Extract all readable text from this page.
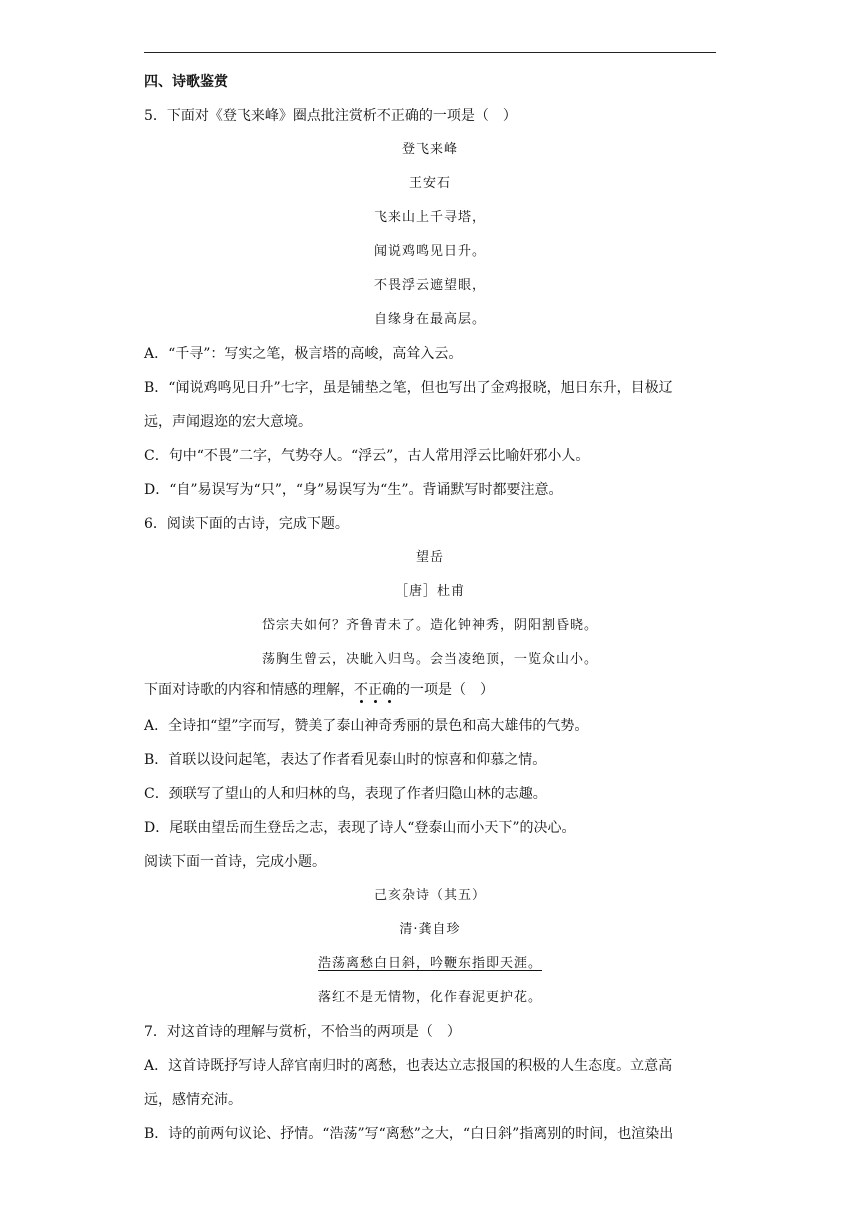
四、诗歌鉴赏
5．下面对《登飞来峰》圈点批注赏析不正确的一项是（　）
登飞来峰
王安石
飞来山上千寻塔，
闻说鸡鸣见日升。
不畏浮云遮望眼，
自缘身在最高层。
A．“千寻”：写实之笔，极言塔的高峻，高耸入云。
B．“闻说鸡鸣见日升”七字，虽是铺垫之笔，但也写出了金鸡报晓，旭日东升，目极辽
远，声闻遐迩的宏大意境。
C．句中“不畏”二字，气势夺人。“浮云”，古人常用浮云比喻奸邪小人。
D．“自”易误写为“只”，“身”易误写为“生”。背诵默写时都要注意。
6．阅读下面的古诗，完成下题。
望岳
［唐］杜甫
岱宗夫如何？齐鲁青未了。造化钟神秀，阴阳割昏晓。
荡胸生曾云，决眦入归鸟。会当凌绝顶，一览众山小。
下面对诗歌的内容和情感的理解，不正确的一项是（　）
A．全诗扣“望”字而写，赞美了泰山神奇秀丽的景色和高大雄伟的气势。
B．首联以设问起笔，表达了作者看见泰山时的惊喜和仰慕之情。
C．颈联写了望山的人和归林的鸟，表现了作者归隐山林的志趣。
D．尾联由望岳而生登岳之志，表现了诗人“登泰山而小天下”的决心。
阅读下面一首诗，完成小题。
己亥杂诗（其五）
清·龚自珍
浩荡离愁白日斜，吟鞭东指即天涯。
落红不是无情物，化作春泥更护花。
7．对这首诗的理解与赏析，不恰当的两项是（　）
A．这首诗既抒写诗人辞官南归时的离愁，也表达立志报国的积极的人生态度。立意高
远，感情充沛。
B．诗的前两句议论、抒情。“浩荡”写“离愁”之大，“白日斜”指离别的时间，也渲染出
